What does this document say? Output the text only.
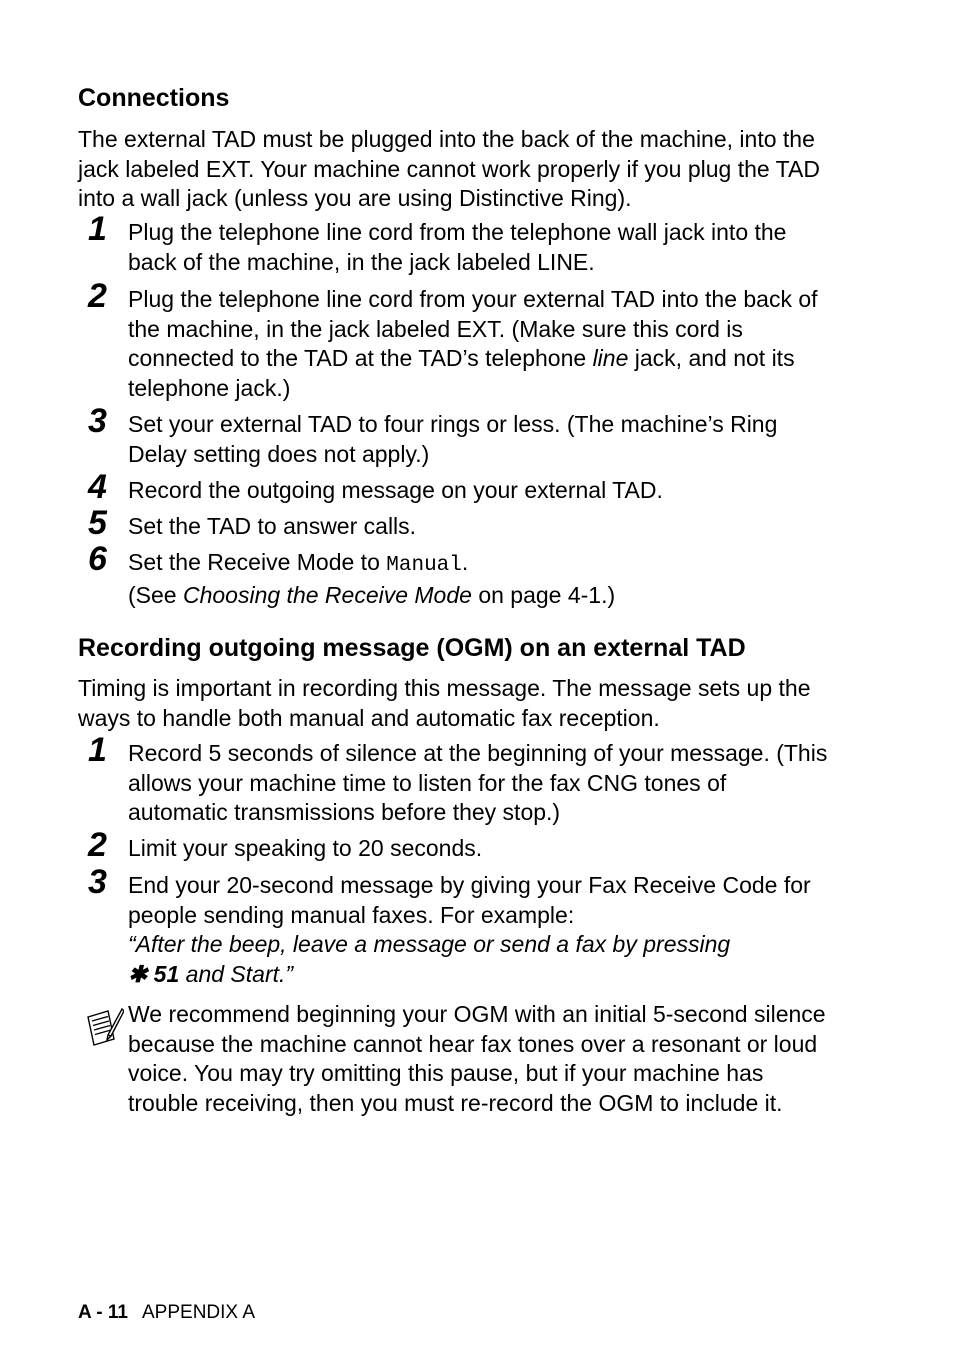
Connections

The external TAD must be plugged into the back of the machine, into the jack labeled EXT. Your machine cannot work properly if you plug the TAD into a wall jack (unless you are using Distinctive Ring).

1 Plug the telephone line cord from the telephone wall jack into the back of the machine, in the jack labeled LINE.
2 Plug the telephone line cord from your external TAD into the back of the machine, in the jack labeled EXT. (Make sure this cord is connected to the TAD at the TAD’s telephone line jack, and not its telephone jack.)
3 Set your external TAD to four rings or less. (The machine’s Ring Delay setting does not apply.)
4 Record the outgoing message on your external TAD.
5 Set the TAD to answer calls.
6 Set the Receive Mode to Manual.
(See Choosing the Receive Mode on page 4-1.)
Recording outgoing message (OGM) on an external TAD

Timing is important in recording this message. The message sets up the ways to handle both manual and automatic fax reception.

1 Record 5 seconds of silence at the beginning of your message. (This allows your machine time to listen for the fax CNG tones of automatic transmissions before they stop.)
2 Limit your speaking to 20 seconds.
3 End your 20-second message by giving your Fax Receive Code for people sending manual faxes. For example:
“After the beep, leave a message or send a fax by pressing
✱ 51 and Start.”
We recommend beginning your OGM with an initial 5-second silence because the machine cannot hear fax tones over a resonant or loud voice. You may try omitting this pause, but if your machine has trouble receiving, then you must re-record the OGM to include it.
A - 11 APPENDIX A
